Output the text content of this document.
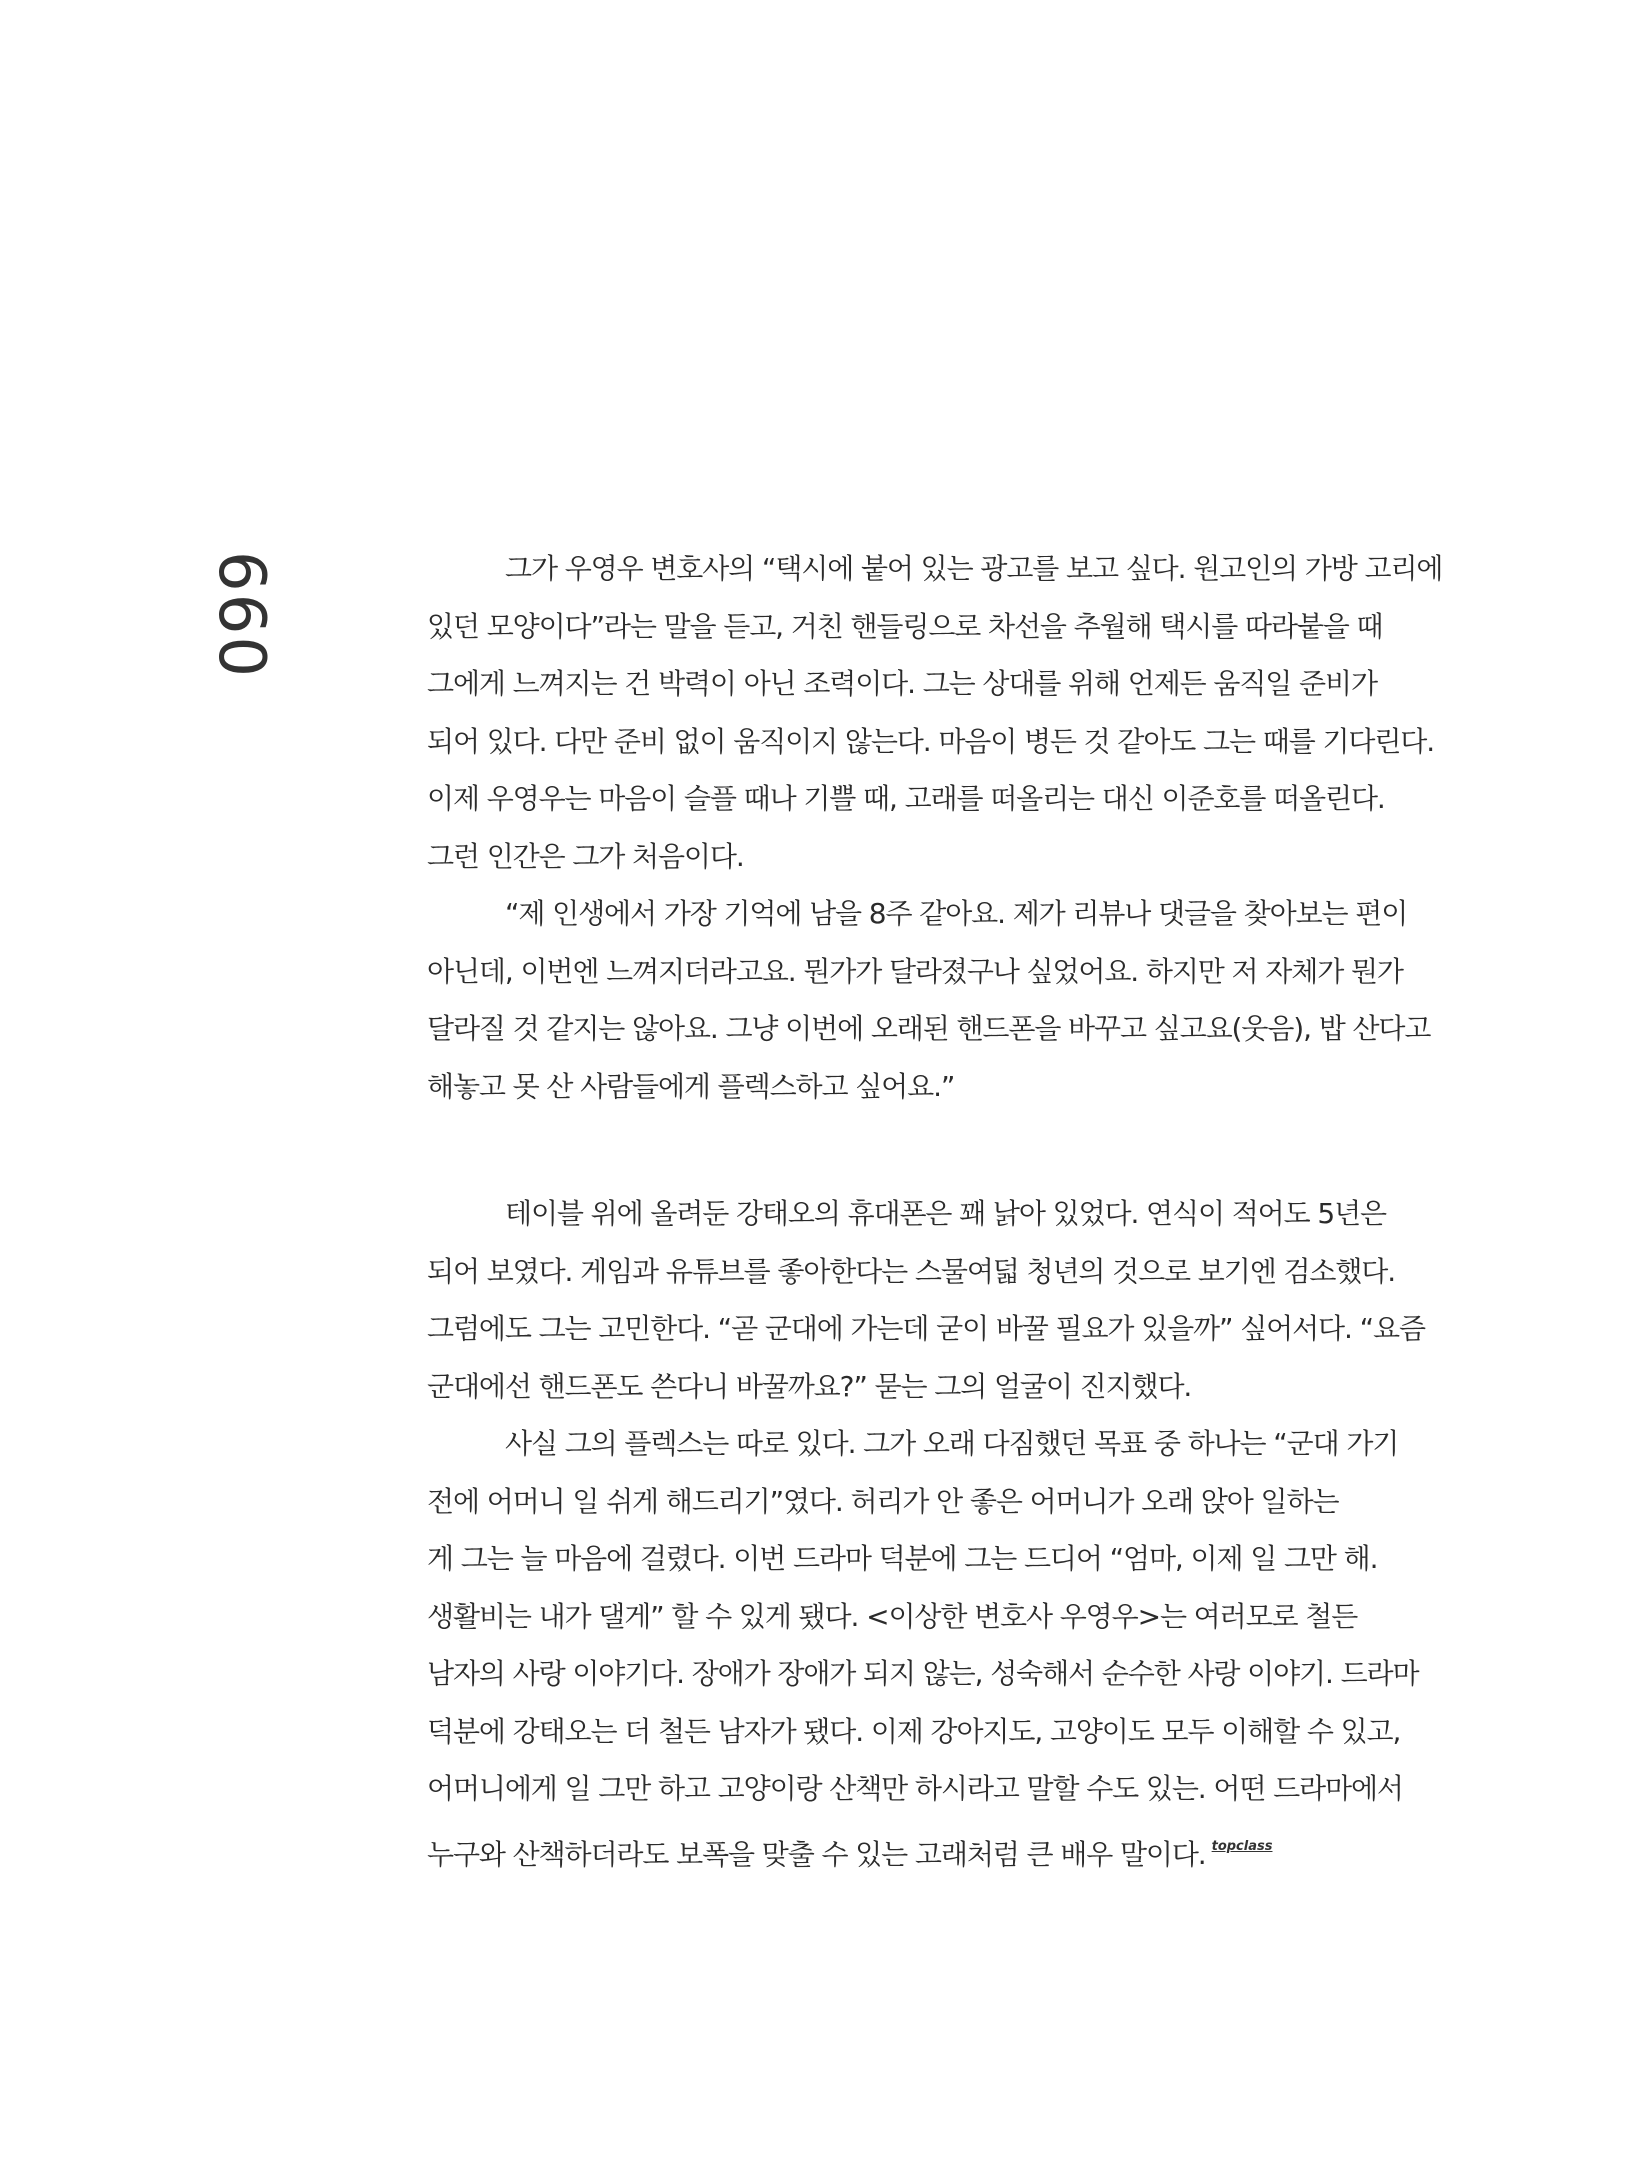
660	그가 우영우 변호사의 “택시에 붙어 있는 광고를 보고 싶다. 원고인의 가방 고리에
있던 모양이다”라는 말을 듣고, 거친 핸들링으로 차선을 추월해 택시를 따라붙을 때
그에게 느껴지는 건 박력이 아닌 조력이다. 그는 상대를 위해 언제든 움직일 준비가
되어 있다. 다만 준비 없이 움직이지 않는다. 마음이 병든 것 같아도 그는 때를 기다린다.
이제 우영우는 마음이 슬플 때나 기쁠 때, 고래를 떠올리는 대신 이준호를 떠올린다.
그런 인간은 그가 처음이다.
“제 인생에서 가장 기억에 남을 8주 같아요. 제가 리뷰나 댓글을 찾아보는 편이
아닌데, 이번엔 느껴지더라고요. 뭔가가 달라졌구나 싶었어요. 하지만 저 자체가 뭔가
달라질 것 같지는 않아요. 그냥 이번에 오래된 핸드폰을 바꾸고 싶고요(웃음), 밥 산다고
해놓고 못 산 사람들에게 플렉스하고 싶어요.”
테이블 위에 올려둔 강태오의 휴대폰은 꽤 낡아 있었다. 연식이 적어도 5년은
되어 보였다. 게임과 유튜브를 좋아한다는 스물여덟 청년의 것으로 보기엔 검소했다.
그럼에도 그는 고민한다. “곧 군대에 가는데 굳이 바꿀 필요가 있을까” 싶어서다. “요즘
군대에선 핸드폰도 쓴다니 바꿀까요?” 묻는 그의 얼굴이 진지했다.
사실 그의 플렉스는 따로 있다. 그가 오래 다짐했던 목표 중 하나는 “군대 가기
전에 어머니 일 쉬게 해드리기”였다. 허리가 안 좋은 어머니가 오래 앉아 일하는
게 그는 늘 마음에 걸렸다. 이번 드라마 덕분에 그는 드디어 “엄마, 이제 일 그만 해.
생활비는 내가 댈게” 할 수 있게 됐다. <이상한 변호사 우영우>는 여러모로 철든
남자의 사랑 이야기다. 장애가 장애가 되지 않는, 성숙해서 순수한 사랑 이야기. 드라마
덕분에 강태오는 더 철든 남자가 됐다. 이제 강아지도, 고양이도 모두 이해할 수 있고,
어머니에게 일 그만 하고 고양이랑 산책만 하시라고 말할 수도 있는. 어떤 드라마에서
누구와 산책하더라도 보폭을 맞출 수 있는 고래처럼 큰 배우 말이다. $^{topclass}$
